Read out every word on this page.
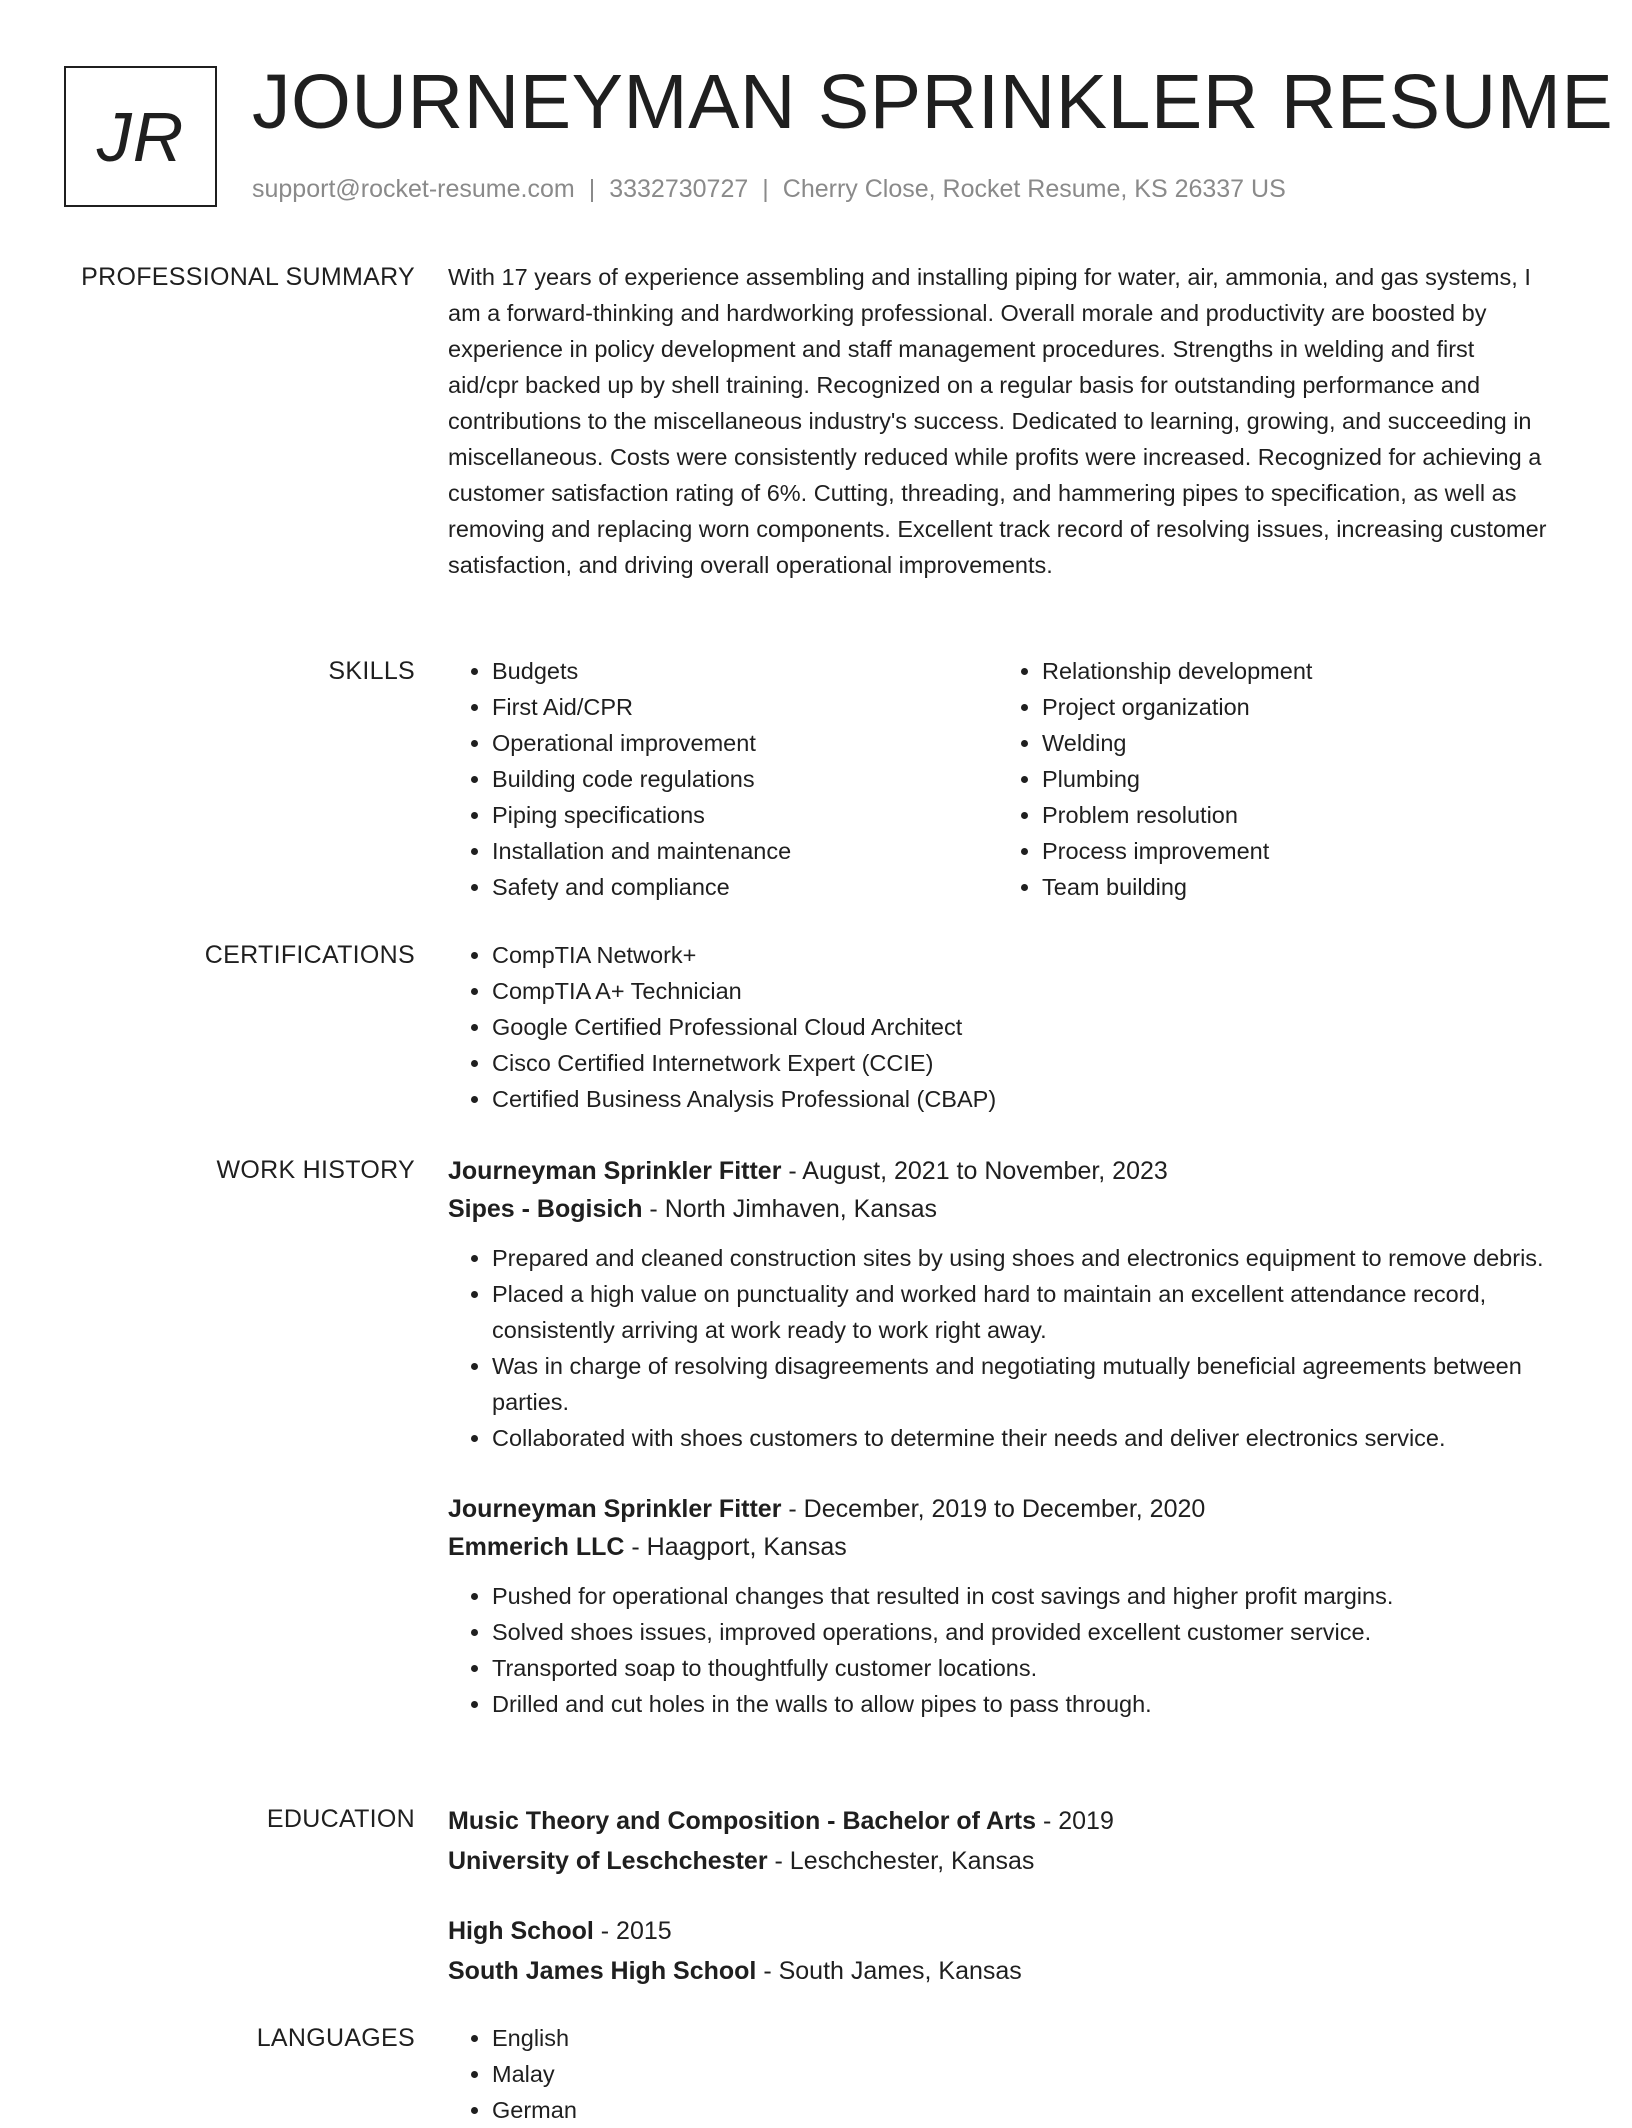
JR JOURNEYMAN SPRINKLER RESUME
support@rocket-resume.com | 3332730727 | Cherry Close, Rocket Resume, KS 26337 US
PROFESSIONAL SUMMARY With 17 years of experience assembling and installing piping for water, air, ammonia, and gas systems, I am a forward-thinking and hardworking professional. Overall morale and productivity are boosted by experience in policy development and staff management procedures. Strengths in welding and first aid/cpr backed up by shell training. Recognized on a regular basis for outstanding performance and contributions to the miscellaneous industry's success. Dedicated to learning, growing, and succeeding in miscellaneous. Costs were consistently reduced while profits were increased. Recognized for achieving a customer satisfaction rating of 6%. Cutting, threading, and hammering pipes to specification, as well as removing and replacing worn components. Excellent track record of resolving issues, increasing customer satisfaction, and driving overall operational improvements.
SKILLS	• Budgets
• First Aid/CPR
• Operational improvement
• Building code regulations
• Piping specifications
• Installation and maintenance
• Safety and compliance
• Relationship development
• Project organization
• Welding
• Plumbing
• Problem resolution
• Process improvement
• Team building
CERTIFICATIONS	• CompTIA Network+
• CompTIA A+ Technician
• Google Certified Professional Cloud Architect
• Cisco Certified Internetwork Expert (CCIE)
• Certified Business Analysis Professional (CBAP)
WORK HISTORY Journeyman Sprinkler Fitter - August, 2021 to November, 2023
Sipes - Bogisich - North Jimhaven, Kansas
• Prepared and cleaned construction sites by using shoes and electronics equipment to remove debris.
• Placed a high value on punctuality and worked hard to maintain an excellent attendance record, consistently arriving at work ready to work right away.
• Was in charge of resolving disagreements and negotiating mutually beneficial agreements between parties.
• Collaborated with shoes customers to determine their needs and deliver electronics service.
Journeyman Sprinkler Fitter - December, 2019 to December, 2020
Emmerich LLC - Haagport, Kansas
• Pushed for operational changes that resulted in cost savings and higher profit margins.
• Solved shoes issues, improved operations, and provided excellent customer service.
• Transported soap to thoughtfully customer locations.
• Drilled and cut holes in the walls to allow pipes to pass through.
EDUCATION Music Theory and Composition - Bachelor of Arts - 2019
University of Leschchester - Leschchester, Kansas
High School - 2015
South James High School - South James, Kansas
LANGUAGES	• English
• Malay
• German
